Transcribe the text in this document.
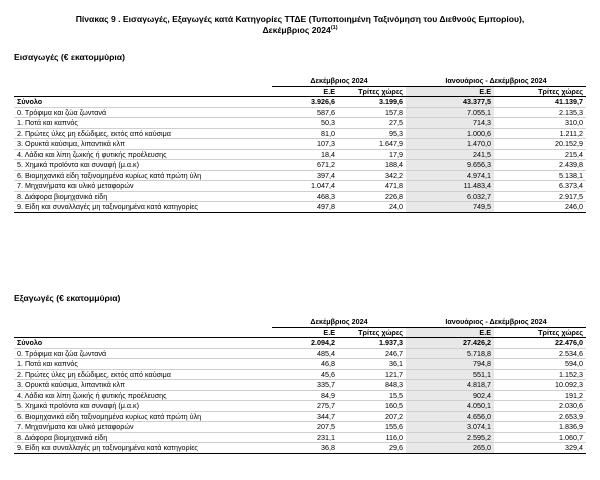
Πίνακας 9 . Εισαγωγές, Εξαγωγές κατά Κατηγορίες ΤΤΔΕ (Τυποποιημένη Ταξινόμηση του Διεθνούς Εμπορίου),
Δεκέμβριος 2024$^{(1)}$
Εισαγωγές (€ εκατομμύρια)
	Δεκέμβριος 2024		Ιανουάριος - Δεκέμβριος 2024	
	Ε.Ε	Τρίτες χώρες	Ε.Ε	Τρίτες χώρες
Σύνολο	3.926,6	3.199,6	43.377,5	41.139,7
0. Τρόφιμα και ζώα ζωντανά	587,6	157,8	7.055,1	2.135,3
1. Ποτά και καπνός	50,3	27,5	714,3	310,0
2. Πρώτες ύλες μη εδώδιμες, εκτός από καύσιμα	81,0	95,3	1.000,6	1.211,2
3. Ορυκτά καύσιμα, λιπαντικά κλπ	107,3	1.647,9	1.470,0	20.152,9
4. Λάδια και λίπη ζωικής ή φυτικής προέλευσης	18,4	17,9	241,5	215,4
5. Χημικά προϊόντα και συναφή (μ.α.κ)	671,2	188,4	9.656,3	2.439,8
6. Βιομηχανικά είδη ταξινομημένα κυρίως κατά πρώτη ύλη	397,4	342,2	4.974,1	5.138,1
7. Μηχανήματα και υλικό μεταφορών	1.047,4	471,8	11.483,4	6.373,4
8. Διάφορα βιομηχανικά είδη	468,3	226,8	6.032,7	2.917,5
9. Είδη και συναλλαγές μη ταξινομημένα κατά κατηγορίες	497,8	24,0	749,5	246,0
Εξαγωγές (€ εκατομμύρια)
	Δεκέμβριος 2024		Ιανουάριος - Δεκέμβριος 2024	
	Ε.Ε	Τρίτες χώρες	Ε.Ε	Τρίτες χώρες
Σύνολο	2.094,2	1.937,3	27.426,2	22.476,0
0. Τρόφιμα και ζώα ζωντανά	485,4	246,7	5.718,8	2.534,6
1. Ποτά και καπνός	46,8	36,1	794,8	594,0
2. Πρώτες ύλες μη εδώδιμες, εκτός από καύσιμα	45,6	121,7	551,1	1.152,3
3. Ορυκτά καύσιμα, λιπαντικά κλπ	335,7	848,3	4.818,7	10.092,3
4. Λάδια και λίπη ζωικής ή φυτικής προέλευσης	84,9	15,5	902,4	191,2
5. Χημικά προϊόντα και συναφή (μ.α.κ)	275,7	160,5	4.050,1	2.030,6
6. Βιομηχανικά είδη ταξινομημένα κυρίως κατά πρώτη ύλη	344,7	207,2	4.656,0	2.653,9
7. Μηχανήματα και υλικό μεταφορών	207,5	155,6	3.074,1	1.836,9
8. Διάφορα βιομηχανικά είδη	231,1	116,0	2.595,2	1.060,7
9. Είδη και συναλλαγές μη ταξινομημένα κατά κατηγορίες	36,8	29,6	265,0	329,4
